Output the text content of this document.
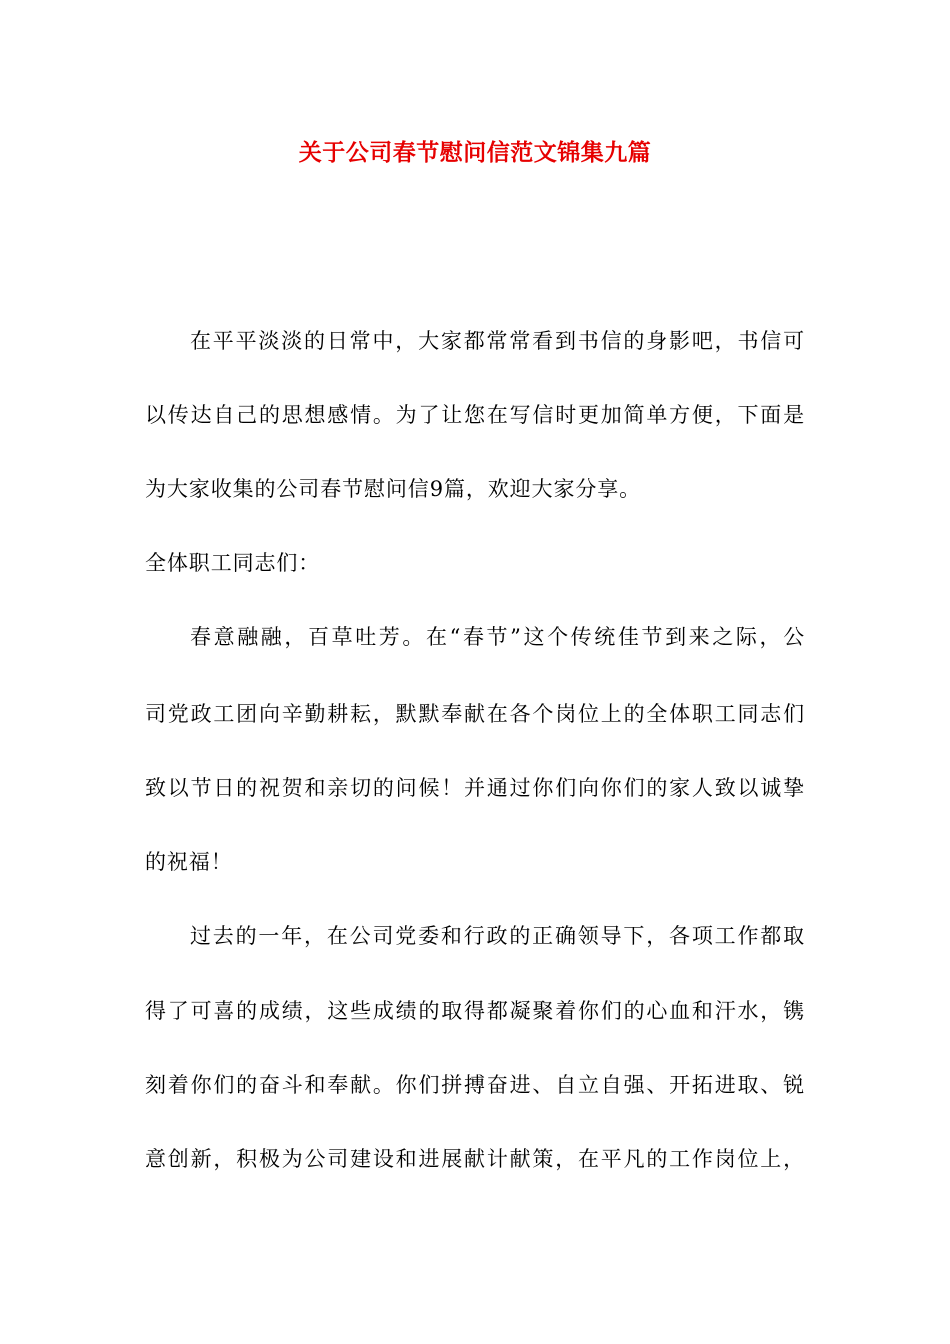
关于公司春节慰问信范文锦集九篇
在平平淡淡的日常中，大家都常常看到书信的身影吧，书信可
以传达自己的思想感情。为了让您在写信时更加简单方便，下面是
为大家收集的公司春节慰问信9篇，欢迎大家分享。
全体职工同志们：
春意融融，百草吐芳。在“春节”这个传统佳节到来之际，公
司党政工团向辛勤耕耘，默默奉献在各个岗位上的全体职工同志们
致以节日的祝贺和亲切的问候！并通过你们向你们的家人致以诚挚
的祝福！
过去的一年，在公司党委和行政的正确领导下，各项工作都取
得了可喜的成绩，这些成绩的取得都凝聚着你们的心血和汗水，镌
刻着你们的奋斗和奉献。你们拼搏奋进、自立自强、开拓进取、锐
意创新，积极为公司建设和进展献计献策，在平凡的工作岗位上，
